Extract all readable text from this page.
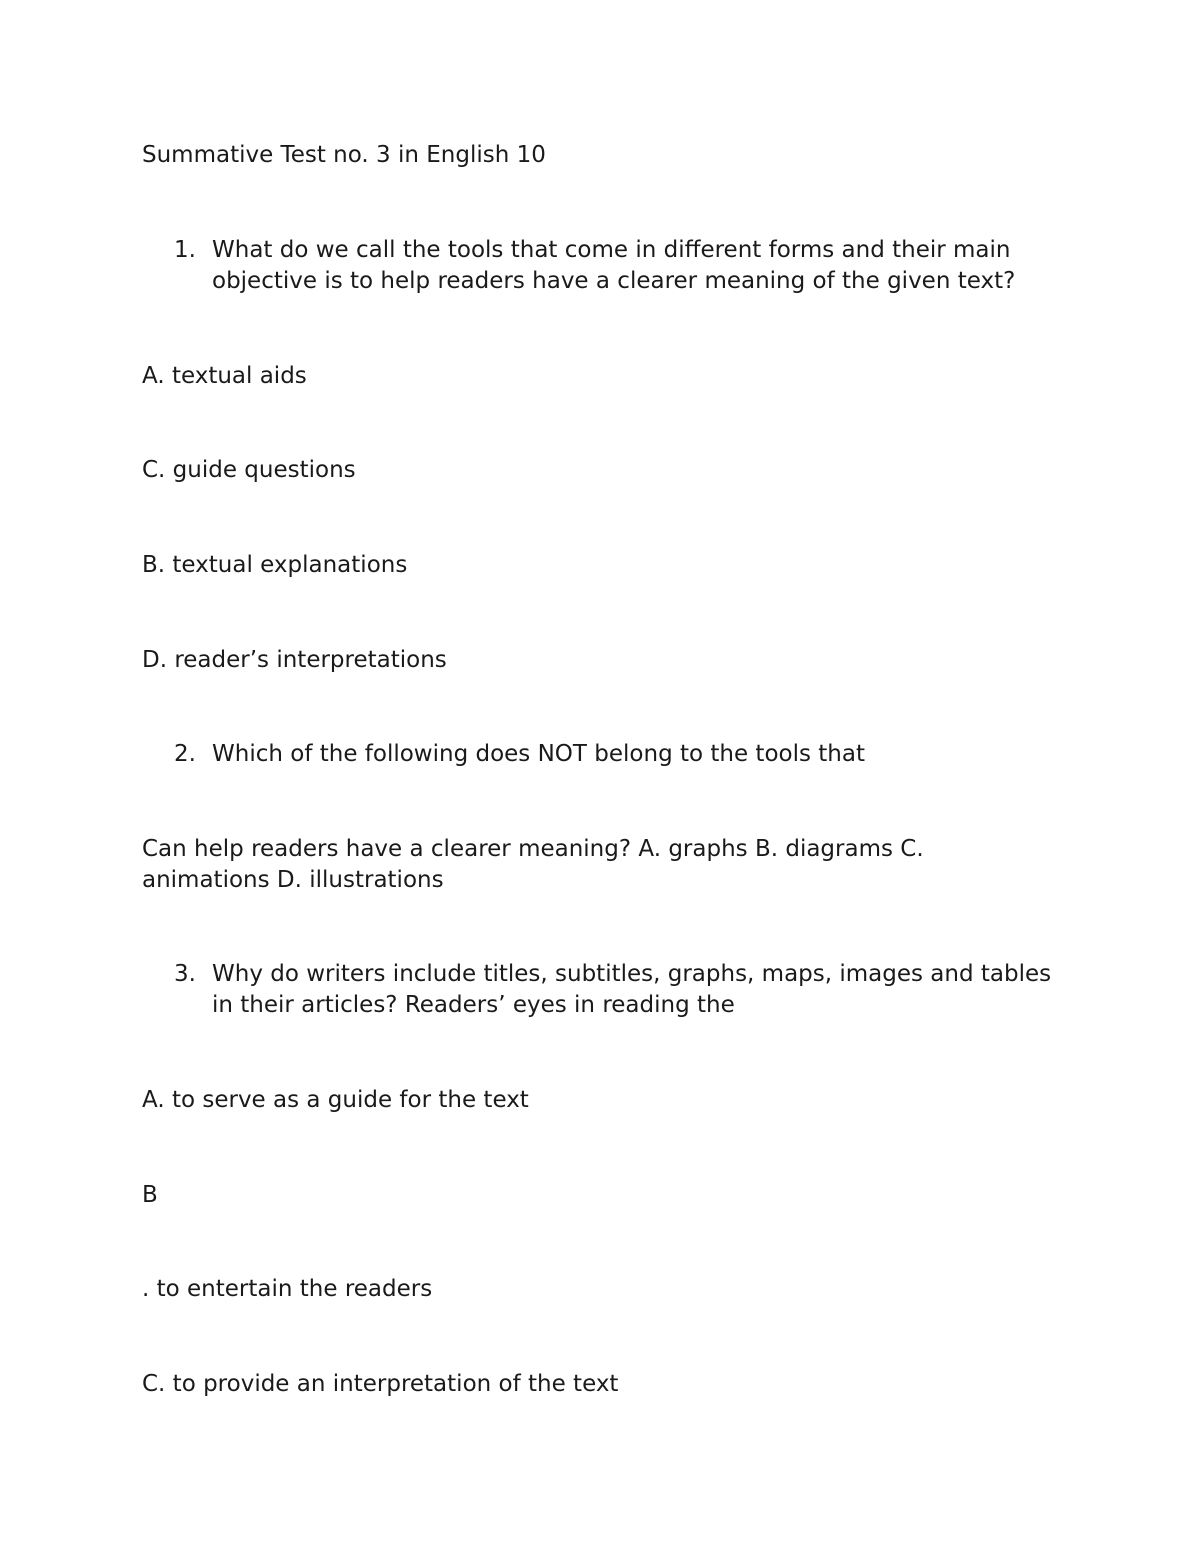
Summative Test no. 3 in English 10
1. What do we call the tools that come in different forms and their main objective is to help readers have a clearer meaning of the given text?
A. textual aids
C. guide questions
B. textual explanations
D. reader’s interpretations
2. Which of the following does NOT belong to the tools that
Can help readers have a clearer meaning? A. graphs B. diagrams C. animations D. illustrations
3. Why do writers include titles, subtitles, graphs, maps, images and tables in their articles? Readers’ eyes in reading the
A. to serve as a guide for the text
B
. to entertain the readers
C. to provide an interpretation of the text
